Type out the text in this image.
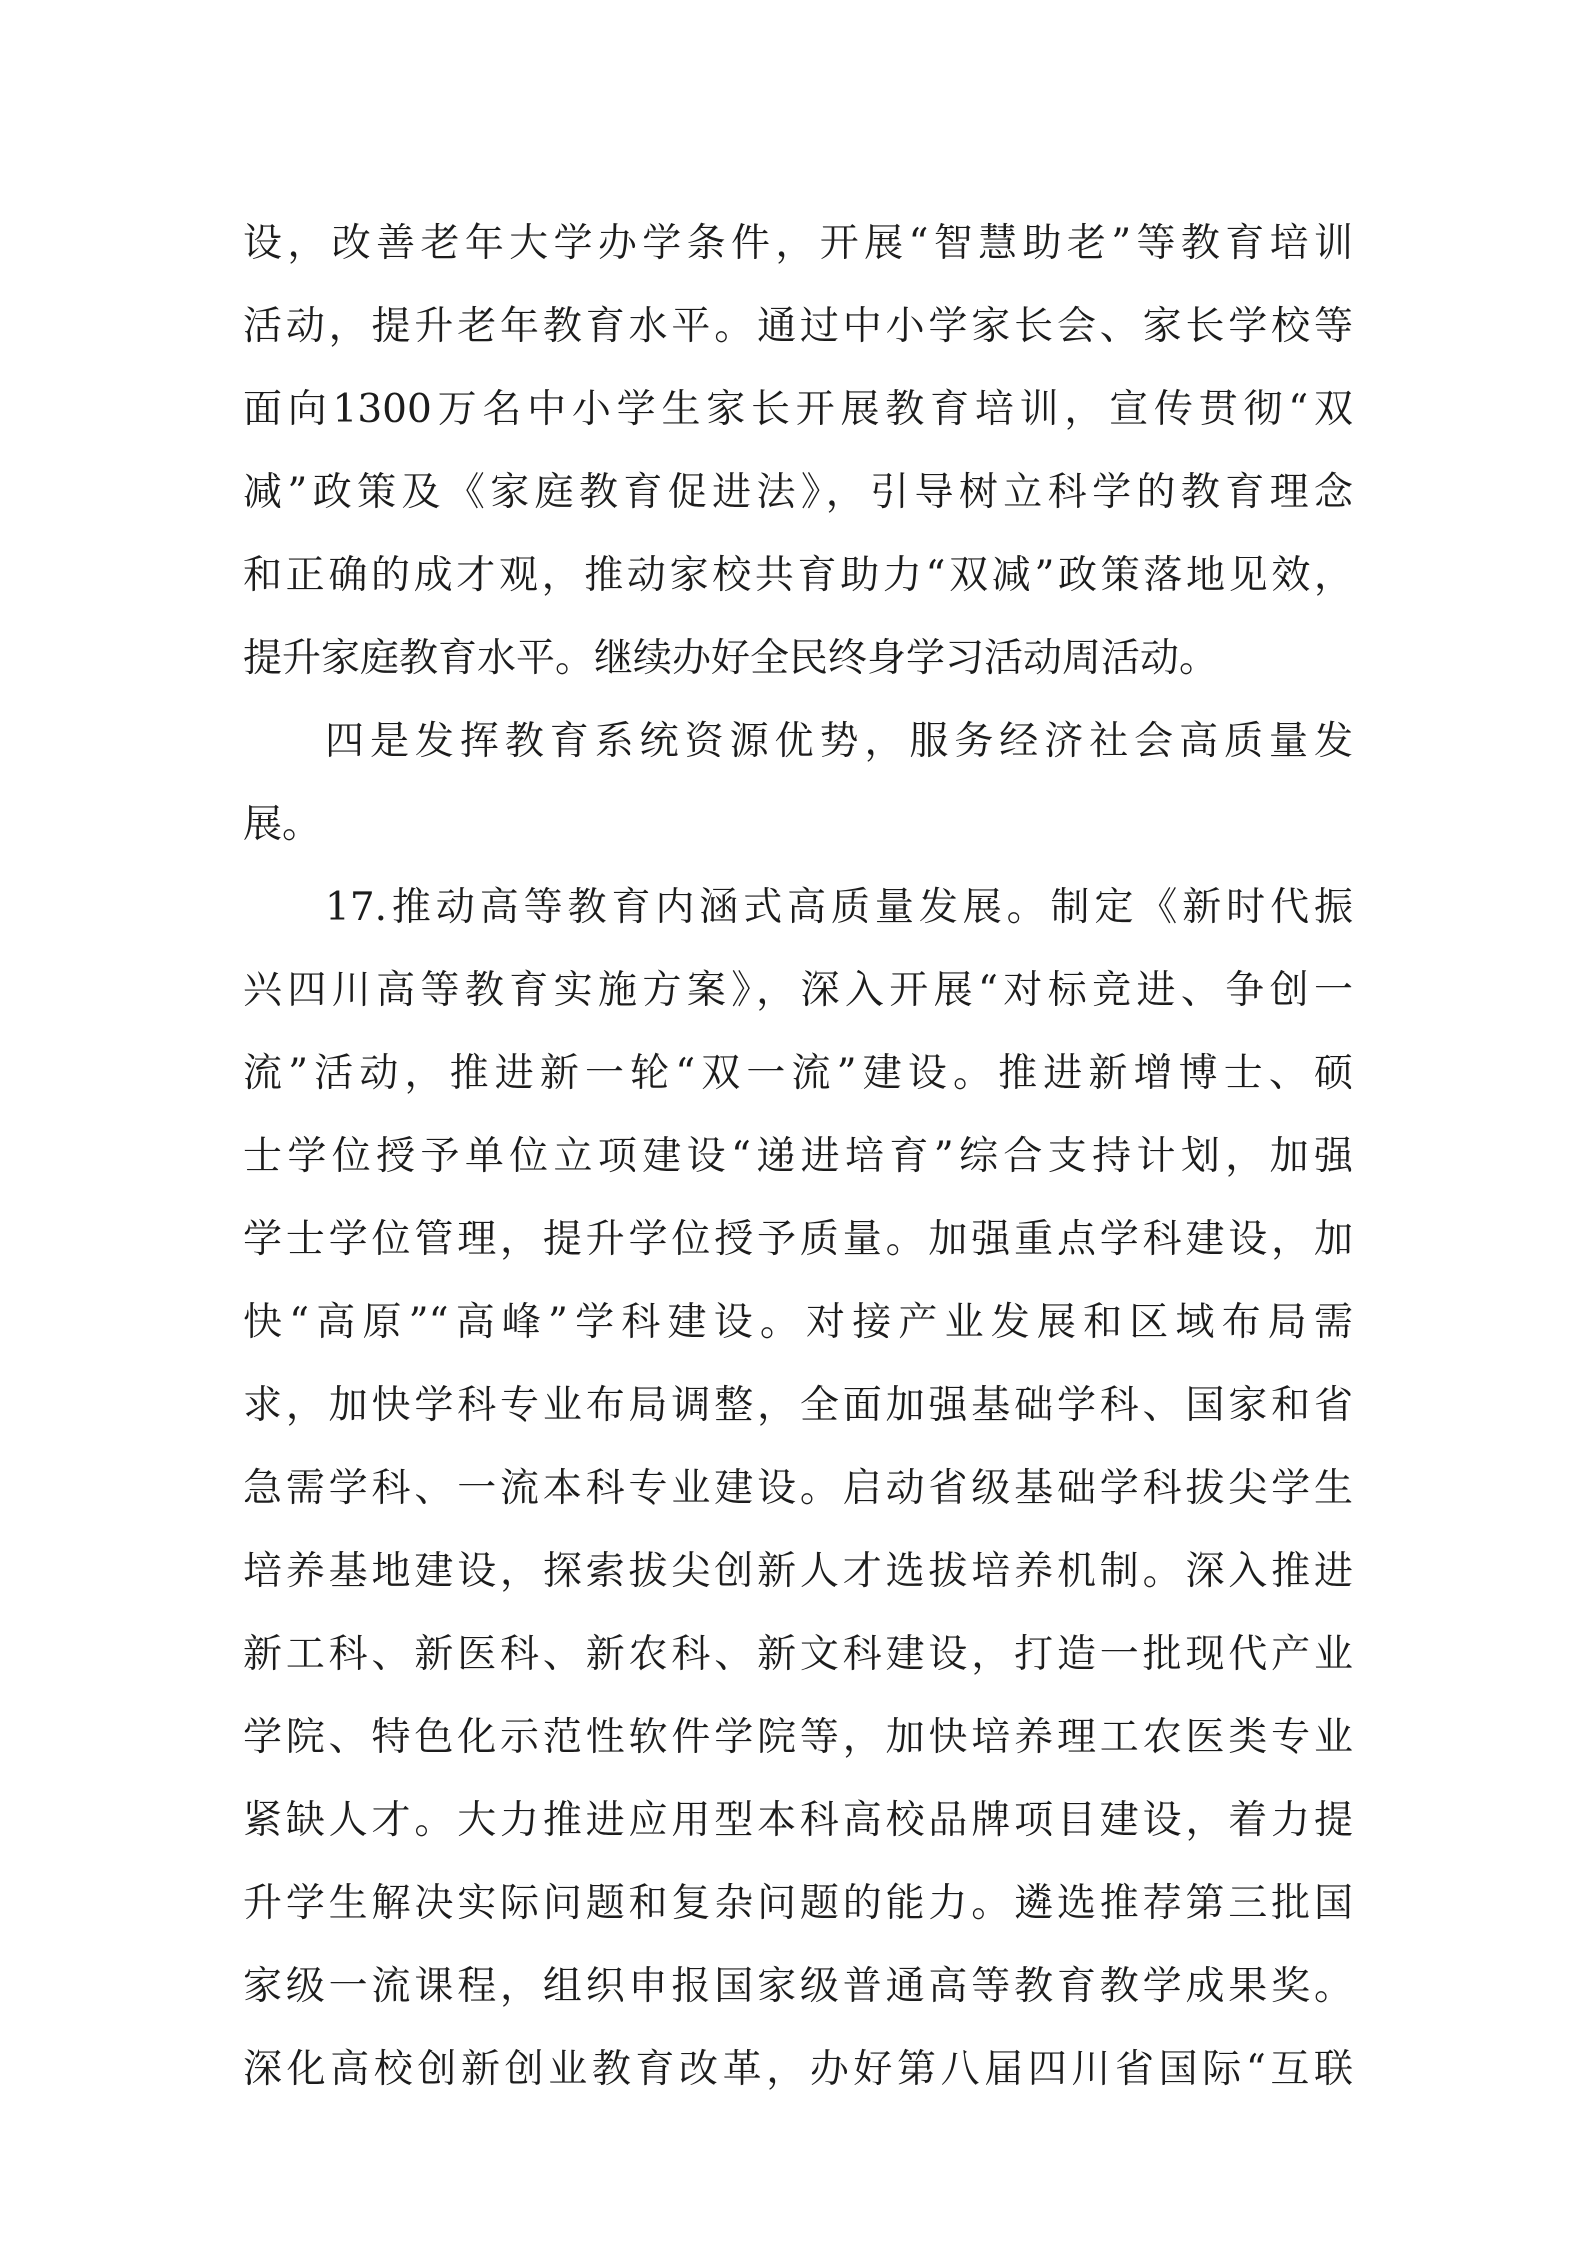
设，改善老年大学办学条件，开展“智慧助老”等教育培训
活动，提升老年教育水平。通过中小学家长会、家长学校等
面向1300万名中小学生家长开展教育培训，宣传贯彻“双
减”政策及《家庭教育促进法》，引导树立科学的教育理念
和正确的成才观，推动家校共育助力“双减”政策落地见效，
提升家庭教育水平。继续办好全民终身学习活动周活动。
四是发挥教育系统资源优势，服务经济社会高质量发
展。
17.推动高等教育内涵式高质量发展。制定《新时代振
兴四川高等教育实施方案》，深入开展“对标竞进、争创一
流”活动，推进新一轮“双一流”建设。推进新增博士、硕
士学位授予单位立项建设“递进培育”综合支持计划，加强
学士学位管理，提升学位授予质量。加强重点学科建设，加
快“高原”“高峰”学科建设。对接产业发展和区域布局需
求，加快学科专业布局调整，全面加强基础学科、国家和省
急需学科、一流本科专业建设。启动省级基础学科拔尖学生
培养基地建设，探索拔尖创新人才选拔培养机制。深入推进
新工科、新医科、新农科、新文科建设，打造一批现代产业
学院、特色化示范性软件学院等，加快培养理工农医类专业
紧缺人才。大力推进应用型本科高校品牌项目建设，着力提
升学生解决实际问题和复杂问题的能力。遴选推荐第三批国
家级一流课程，组织申报国家级普通高等教育教学成果奖。
深化高校创新创业教育改革，办好第八届四川省国际“互联
